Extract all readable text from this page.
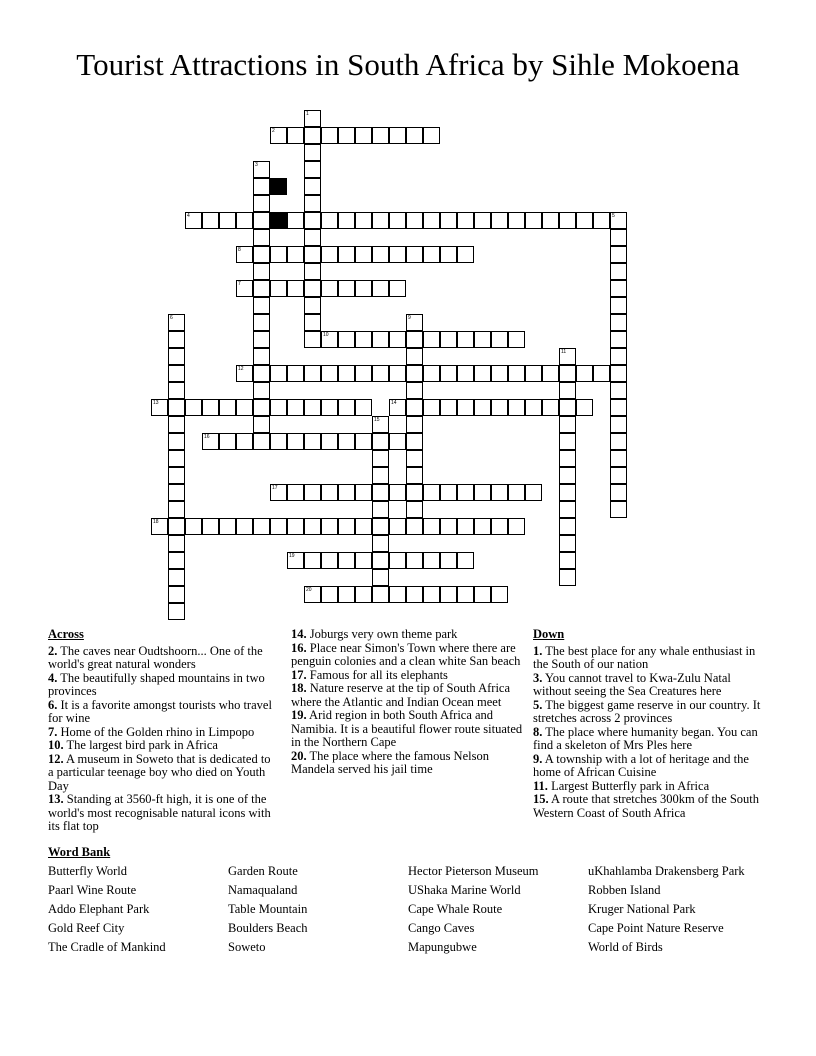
Tourist Attractions in South Africa by Sihle Mokoena
1
2
3
4	5
6
7
8
9
10
11
12
13	14
15
16
17
18
19
20
Across
2. The caves near Oudtshoorn... One of the world's great natural wonders
4. The beautifully shaped mountains in two provinces
6. It is a favorite amongst tourists who travel for wine
7. Home of the Golden rhino in Limpopo
10. The largest bird park in Africa
12. A museum in Soweto that is dedicated to a particular teenage boy who died on Youth Day
13. Standing at 3560-ft high, it is one of the world's most recognisable natural icons with its flat top
14. Joburgs very own theme park
16. Place near Simon's Town where there are penguin colonies and a clean white San beach
17. Famous for all its elephants
18. Nature reserve at the tip of South Africa where the Atlantic and Indian Ocean meet
19. Arid region in both South Africa and Namibia. It is a beautiful flower route situated in the Northern Cape
20. The place where the famous Nelson Mandela served his jail time
Down
1. The best place for any whale enthusiast in the South of our nation
3. You cannot travel to Kwa-Zulu Natal without seeing the Sea Creatures here
5. The biggest game reserve in our country. It stretches across 2 provinces
8. The place where humanity began. You can find a skeleton of Mrs Ples here
9. A township with a lot of heritage and the home of African Cuisine
11. Largest Butterfly park in Africa
15. A route that stretches 300km of the South Western Coast of South Africa
Word Bank
Butterfly World
Paarl Wine Route
Addo Elephant Park
Gold Reef City
The Cradle of Mankind
Garden Route
Namaqualand
Table Mountain
Boulders Beach
Soweto
Hector Pieterson Museum
UShaka Marine World
Cape Whale Route
Cango Caves
Mapungubwe
uKhahlamba Drakensberg Park
Robben Island
Kruger National Park
Cape Point Nature Reserve
World of Birds
